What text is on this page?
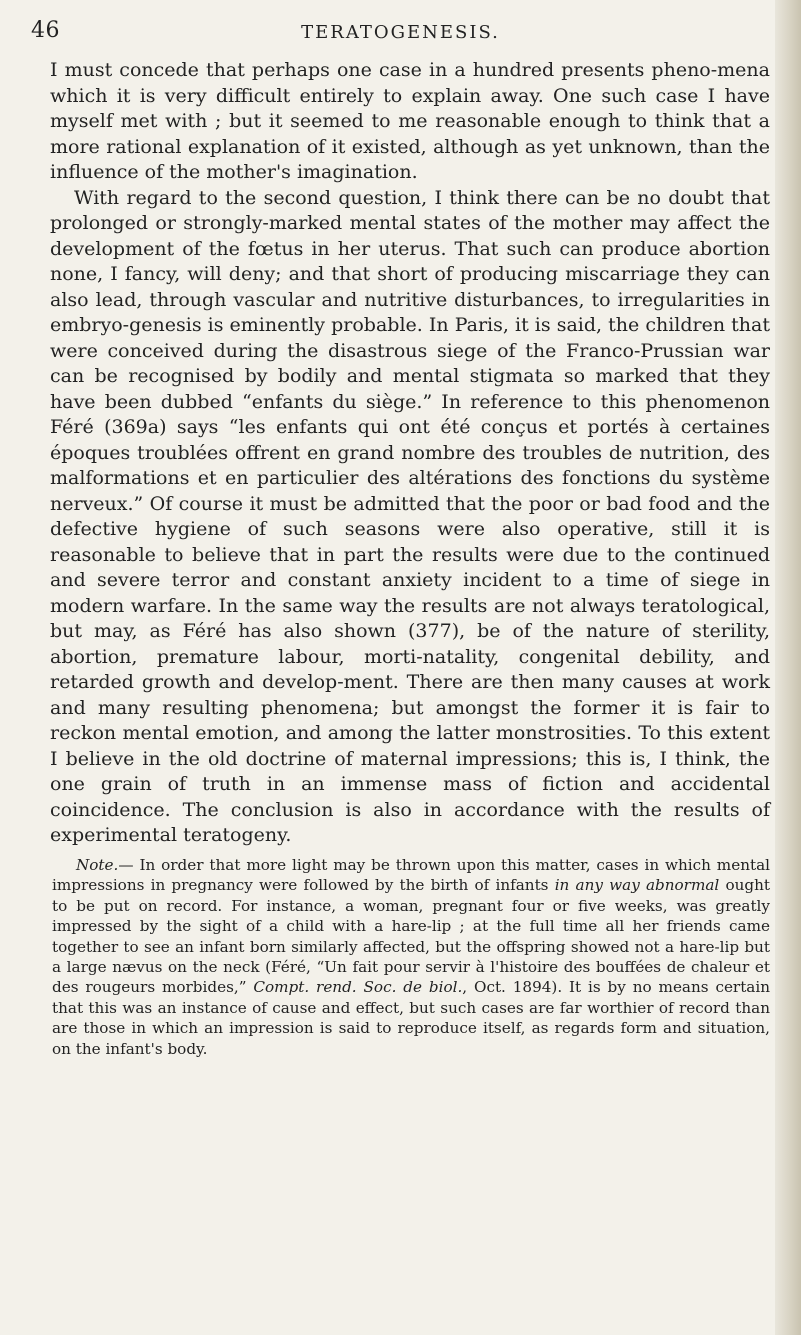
46	TERATOGENESIS.

I must concede that perhaps one case in a hundred presents pheno-mena which it is very difficult entirely to explain away. One such case I have myself met with ; but it seemed to me reasonable enough to think that a more rational explanation of it existed, although as yet unknown, than the influence of the mother's imagination.

With regard to the second question, I think there can be no doubt that prolonged or strongly-marked mental states of the mother may affect the development of the fœtus in her uterus. That such can produce abortion none, I fancy, will deny; and that short of producing miscarriage they can also lead, through vascular and nutritive disturbances, to irregularities in embryo-genesis is eminently probable. In Paris, it is said, the children that were conceived during the disastrous siege of the Franco-Prussian war can be recognised by bodily and mental stigmata so marked that they have been dubbed “enfants du siège.” In reference to this phenomenon Féré (369a) says “les enfants qui ont été conçus et portés à certaines époques troublées offrent en grand nombre des troubles de nutrition, des malformations et en particulier des altérations des fonctions du système nerveux.” Of course it must be admitted that the poor or bad food and the defective hygiene of such seasons were also operative, still it is reasonable to believe that in part the results were due to the continued and severe terror and constant anxiety incident to a time of siege in modern warfare. In the same way the results are not always teratological, but may, as Féré has also shown (377), be of the nature of sterility, abortion, premature labour, morti-natality, congenital debility, and retarded growth and develop-ment. There are then many causes at work and many resulting phenomena; but amongst the former it is fair to reckon mental emotion, and among the latter monstrosities. To this extent I believe in the old doctrine of maternal impressions; this is, I think, the one grain of truth in an immense mass of fiction and accidental coincidence. The conclusion is also in accordance with the results of experimental teratogeny.

Note.— In order that more light may be thrown upon this matter, cases in which mental impressions in pregnancy were followed by the birth of infants in any way abnormal ought to be put on record. For instance, a woman, pregnant four or five weeks, was greatly impressed by the sight of a child with a hare-lip ; at the full time all her friends came together to see an infant born similarly affected, but the offspring showed not a hare-lip but a large nævus on the neck (Féré, “Un fait pour servir à l'histoire des bouffées de chaleur et des rougeurs morbides,” Compt. rend. Soc. de biol., Oct. 1894). It is by no means certain that this was an instance of cause and effect, but such cases are far worthier of record than are those in which an impression is said to reproduce itself, as regards form and situation, on the infant's body.
